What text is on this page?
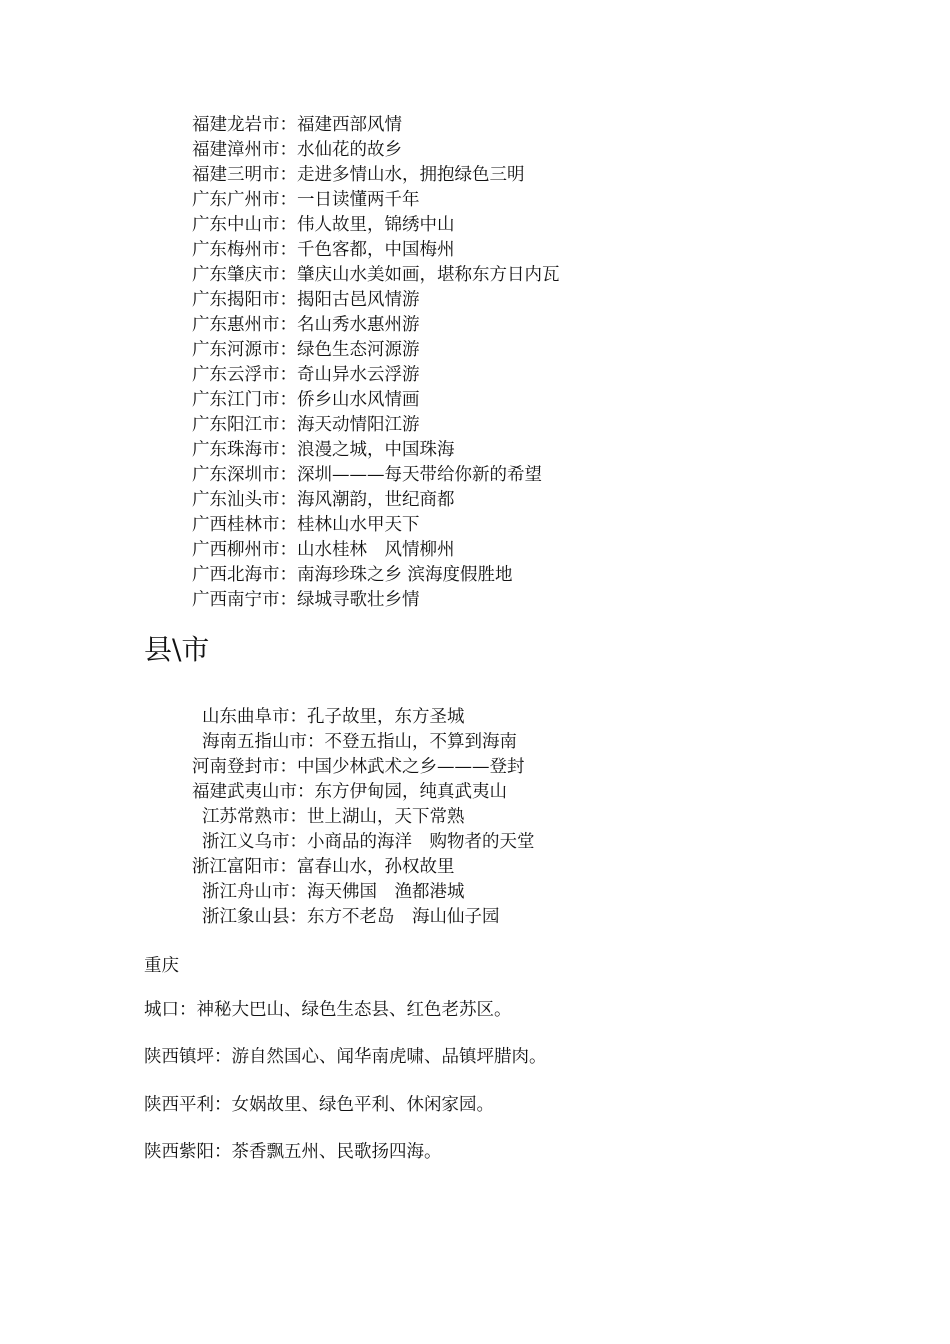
福建龙岩市：福建西部风情
福建漳州市：水仙花的故乡
福建三明市：走进多情山水，拥抱绿色三明
广东广州市：一日读懂两千年
广东中山市：伟人故里，锦绣中山
广东梅州市：千色客都，中国梅州
广东肇庆市：肇庆山水美如画，堪称东方日内瓦
广东揭阳市：揭阳古邑风情游
广东惠州市：名山秀水惠州游
广东河源市：绿色生态河源游
广东云浮市：奇山异水云浮游
广东江门市：侨乡山水风情画
广东阳江市：海天动情阳江游
广东珠海市：浪漫之城，中国珠海
广东深圳市：深圳———每天带给你新的希望
广东汕头市：海风潮韵，世纪商都
广西桂林市：桂林山水甲天下
广西柳州市：山水桂林　风情柳州
广西北海市：南海珍珠之乡 滨海度假胜地
广西南宁市：绿城寻歌壮乡情
县\市
山东曲阜市：孔子故里，东方圣城
海南五指山市：不登五指山，不算到海南
河南登封市：中国少林武术之乡———登封
福建武夷山市：东方伊甸园，纯真武夷山
江苏常熟市：世上湖山，天下常熟
浙江义乌市：小商品的海洋　购物者的天堂
浙江富阳市：富春山水，孙权故里
浙江舟山市：海天佛国　渔都港城
浙江象山县：东方不老岛　海山仙子园

重庆

城口：神秘大巴山、绿色生态县、红色老苏区。

陕西镇坪：游自然国心、闻华南虎啸、品镇坪腊肉。

陕西平利：女娲故里、绿色平利、休闲家园。

陕西紫阳：茶香飘五州、民歌扬四海。
